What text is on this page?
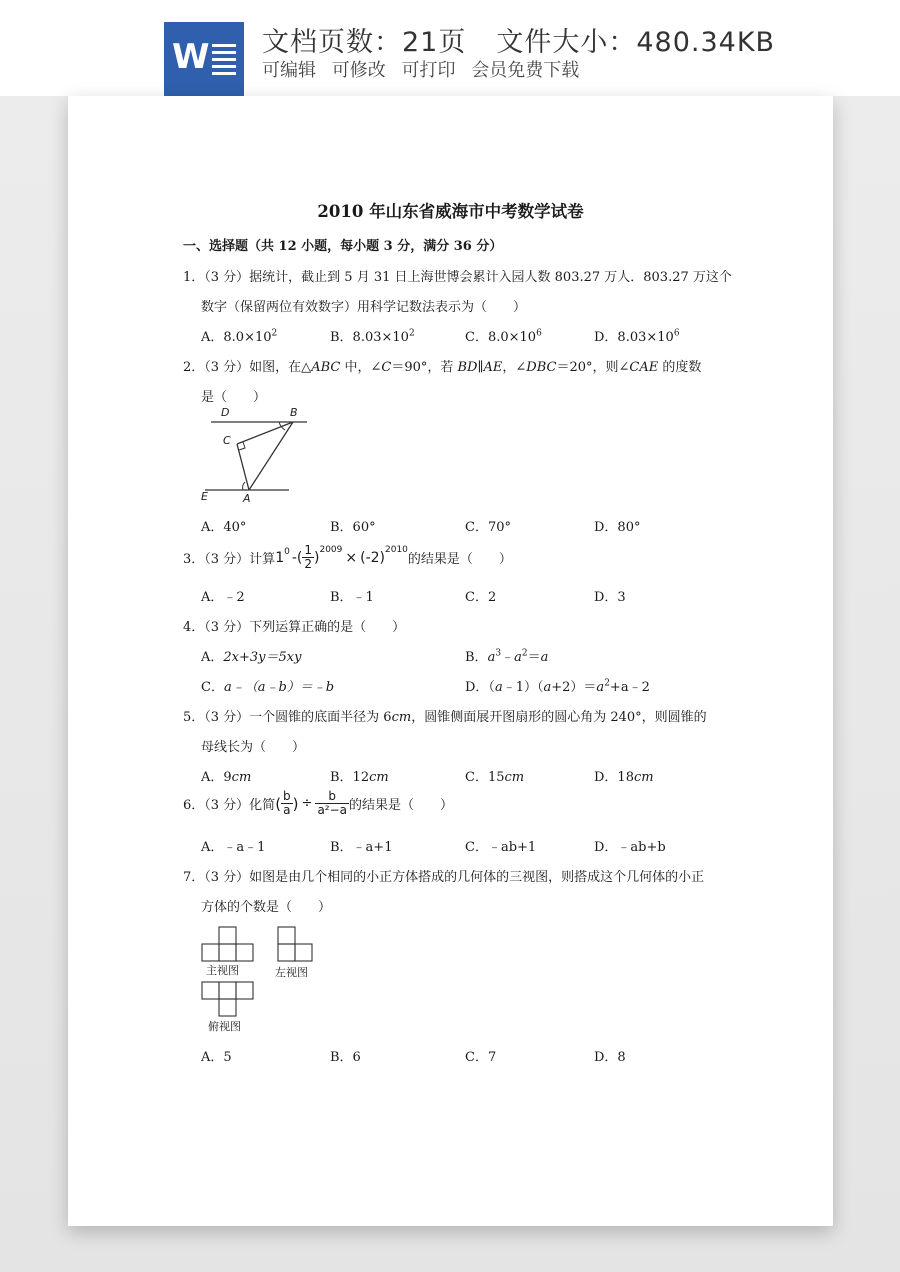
W 文档页数：21页 文件大小：480.34KB
可编辑 可修改 可打印 会员免费下载
2010 年山东省威海市中考数学试卷
一、选择题（共 12 小题，每小题 3 分，满分 36 分）
1．（3 分）据统计，截止到 5 月 31 日上海世博会累计入园人数 803.27 万人．803.27 万这个
数字（保留两位有效数字）用科学记数法表示为（　　）
A．$8.0\times 10^2$	B．$8.03\times 10^2$	C．$8.0\times 10^6$	D．$8.03\times 10^6$
2．（3 分）如图，在△ABC 中，∠C＝90°，若 BD∥AE，∠DBC＝20°，则∠CAE 的度数
是（　　）
D	B
C
E	A
A．40°	B．60°	C．70°	D．80°
3．（3 分）计算 $1^0$ -( $\frac{1}{2} )^{2009} \times (-2)^{2010}$
的结果是（　　）
A．﹣2	B．﹣1	C．2	D．3
4．（3 分）下列运算正确的是（　　）
A．2x+3y＝5xy	B．$a^3﹣a^2=a$
C．a﹣（a﹣b）＝﹣b	D．$(a﹣1)(a+2)=a^2+a﹣2$
5．（3 分）一个圆锥的底面半径为 6cm，圆锥侧面展开图扇形的圆心角为 240°，则圆锥的
母线长为（　　）
A．9cm	B．12cm	C．15cm	D．18cm
6．（3 分）化简 ( $\frac{b}{a}$ ) ÷ $\frac{b}{\text{a²−a}}$ 的结果是（　　）
A．﹣a﹣1	B．﹣a+1	C．﹣ab+1	D．﹣ab+b
7．（3 分）如图是由几个相同的小正方体搭成的几何体的三视图，则搭成这个几何体的小正
方体的个数是（　　）
主视图	左视图
俯视图
A．5	B．6	C．7	D．8
